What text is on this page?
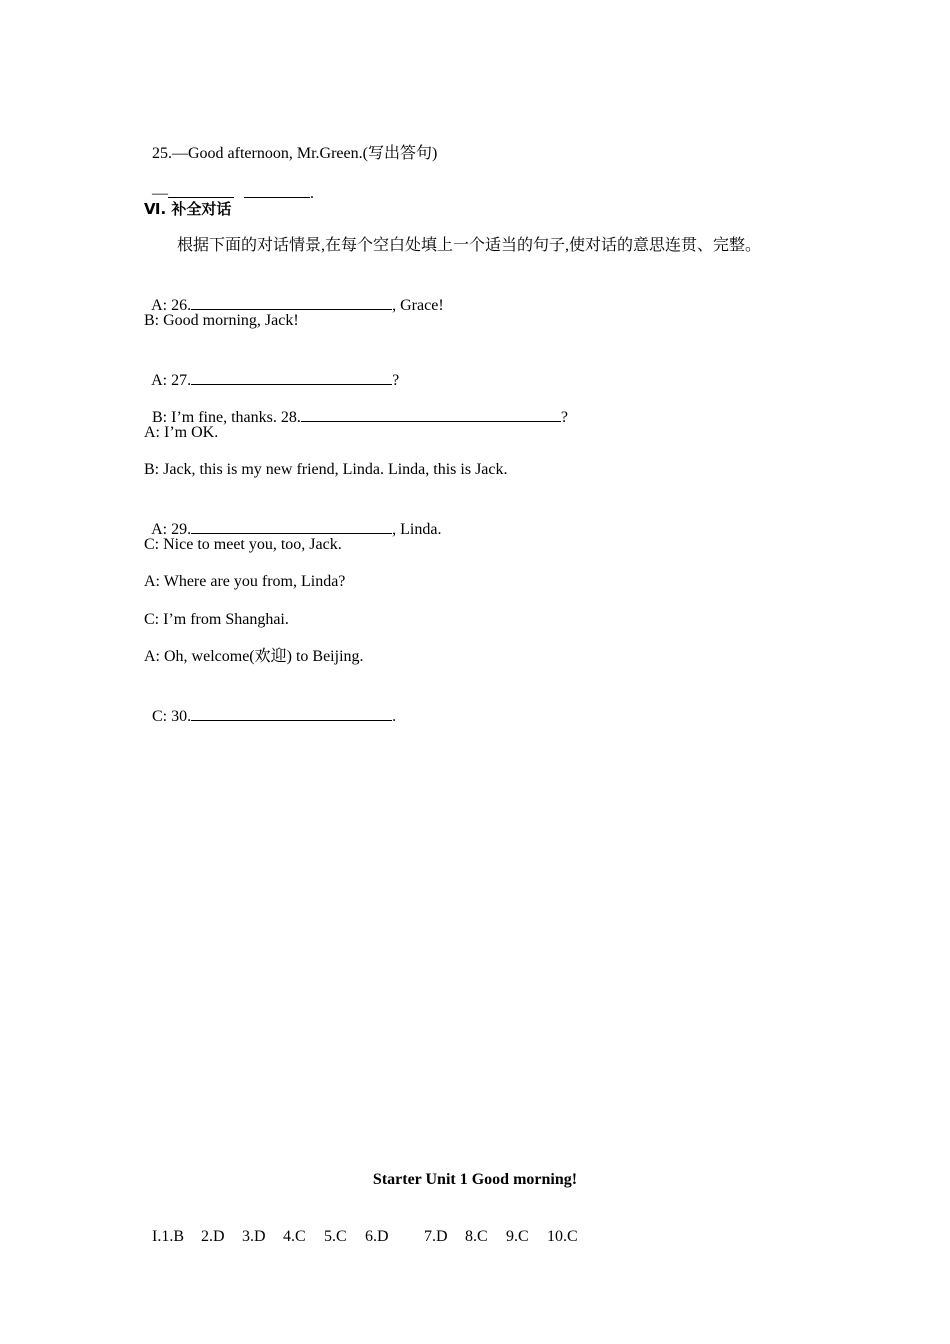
25.—Good afternoon, Mr.Green.(写出答句)

—	.

Ⅵ. 补全对话
根据下面的对话情景,在每个空白处填上一个适当的句子,使对话的意思连贯、完整。

A: 26.	, Grace!

B: Good morning, Jack!

A: 27.	?

B: I’m fine, thanks. 28.	?

A: I’m OK.
B: Jack, this is my new friend, Linda. Linda, this is Jack.

A: 29.	, Linda.

C: Nice to meet you, too, Jack.
A: Where are you from, Linda?
C: I’m from Shanghai.
A: Oh, welcome(欢迎) to Beijing.

C: 30.	.

Starter Unit 1 Good morning!

I.1.B 2.D 3.D 4.C 5.C 6.D 7.D 8.C 9.C 10.C
